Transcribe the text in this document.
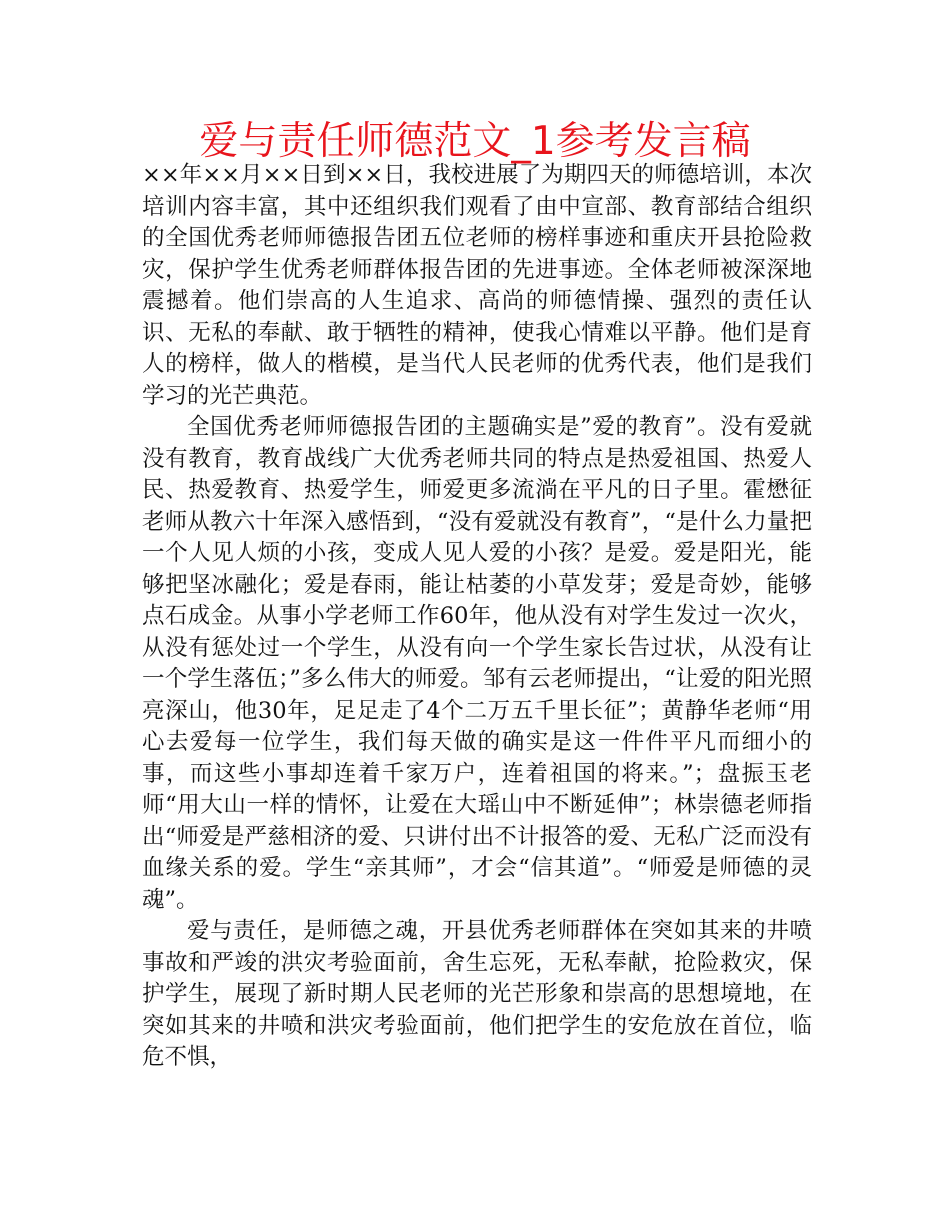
爱与责任师德范文_1参考发言稿

××年××月××日到××日，我校进展了为期四天的师德培训，本次培训内容丰富，其中还组织我们观看了由中宣部、教育部结合组织的全国优秀老师师德报告团五位老师的榜样事迹和重庆开县抢险救灾，保护学生优秀老师群体报告团的先进事迹。全体老师被深深地震撼着。他们崇高的人生追求、高尚的师德情操、强烈的责任认识、无私的奉献、敢于牺牲的精神，使我心情难以平静。他们是育人的榜样，做人的楷模，是当代人民老师的优秀代表，他们是我们学习的光芒典范。

全国优秀老师师德报告团的主题确实是”爱的教育”。没有爱就没有教育，教育战线广大优秀老师共同的特点是热爱祖国、热爱人民、热爱教育、热爱学生，师爱更多流淌在平凡的日子里。霍懋征老师从教六十年深入感悟到，“没有爱就没有教育”，“是什么力量把一个人见人烦的小孩，变成人见人爱的小孩？是爱。爱是阳光，能够把坚冰融化；爱是春雨，能让枯萎的小草发芽；爱是奇妙，能够点石成金。从事小学老师工作60年，他从没有对学生发过一次火，从没有惩处过一个学生，从没有向一个学生家长告过状，从没有让一个学生落伍；”多么伟大的师爱。邹有云老师提出，“让爱的阳光照亮深山，他30年，足足走了4个二万五千里长征”；黄静华老师“用心去爱每一位学生，我们每天做的确实是这一件件平凡而细小的事，而这些小事却连着千家万户，连着祖国的将来。”；盘振玉老师“用大山一样的情怀，让爱在大瑶山中不断延伸”；林崇德老师指出“师爱是严慈相济的爱、只讲付出不计报答的爱、无私广泛而没有血缘关系的爱。学生“亲其师”，才会“信其道”。“师爱是师德的灵魂”。

爱与责任，是师德之魂，开县优秀老师群体在突如其来的井喷事故和严竣的洪灾考验面前，舍生忘死，无私奉献，抢险救灾，保护学生，展现了新时期人民老师的光芒形象和崇高的思想境地，在突如其来的井喷和洪灾考验面前，他们把学生的安危放在首位，临危不惧，
